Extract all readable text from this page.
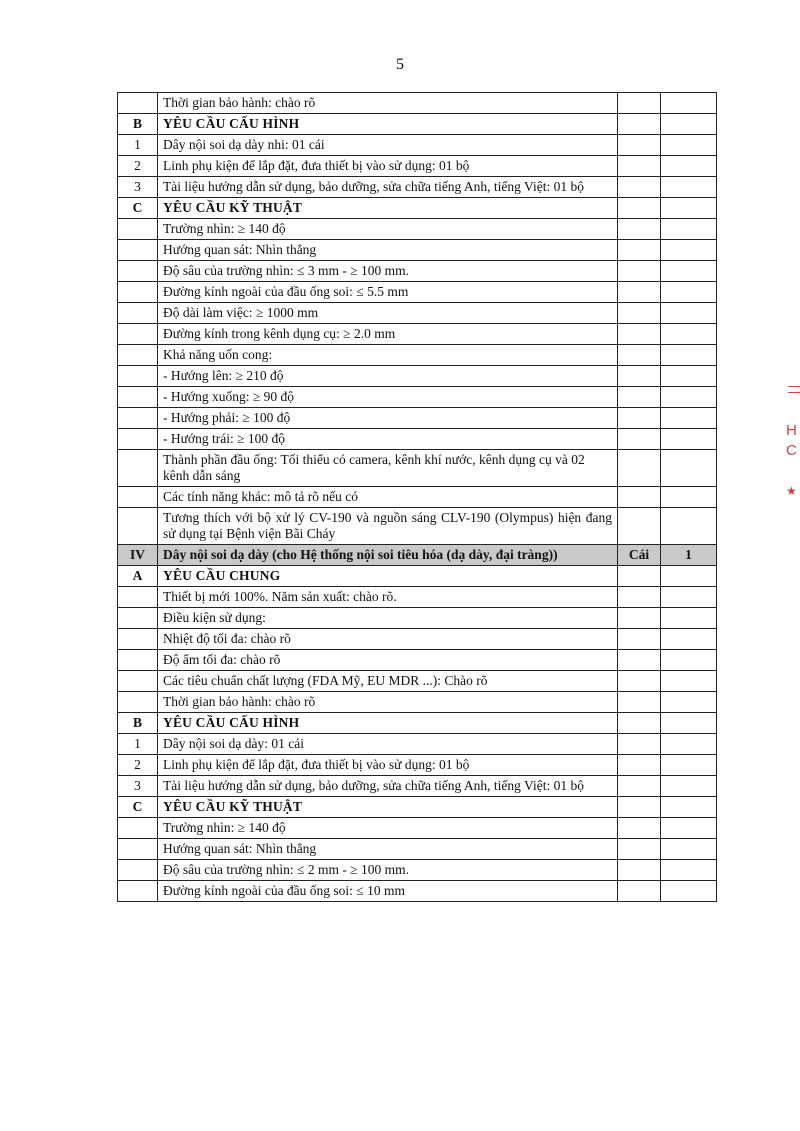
5
	Thời gian bảo hành: chào rõ		
B	YÊU CẦU CẤU HÌNH		
1	Dây nội soi dạ dày nhi: 01 cái		
2	Linh phụ kiện để lắp đặt, đưa thiết bị vào sử dụng: 01 bộ		
3	Tài liệu hướng dẫn sử dụng, bảo dưỡng, sửa chữa tiếng Anh, tiếng Việt: 01 bộ		
C	YÊU CẦU KỸ THUẬT		
	Trường nhìn: ≥ 140 độ		
	Hướng quan sát: Nhìn thẳng		
	Độ sâu của trường nhìn: ≤ 3 mm - ≥ 100 mm.		
	Đường kính ngoài của đầu ống soi: ≤ 5.5 mm		
	Độ dài làm việc: ≥ 1000 mm		
	Đường kính trong kênh dụng cụ: ≥ 2.0 mm		
	Khả năng uốn cong:		
	- Hướng lên: ≥ 210 độ		
	- Hướng xuống: ≥ 90 độ		
	- Hướng phải: ≥ 100 độ		
	- Hướng trái: ≥ 100 độ		
	Thành phần đầu ống: Tối thiểu có camera, kênh khí nước, kênh dụng cụ và 02 kênh dẫn sáng		
	Các tính năng khác: mô tả rõ nếu có		
	Tương thích với bộ xử lý CV-190 và nguồn sáng CLV-190 (Olympus) hiện đang sử dụng tại Bệnh viện Bãi Cháy		
IV	Dây nội soi dạ dày (cho Hệ thống nội soi tiêu hóa (dạ dày, đại tràng))	Cái	1
A	YÊU CẦU CHUNG		
	Thiết bị mới 100%. Năm sản xuất: chào rõ.		
	Điều kiện sử dụng:		
	Nhiệt độ tối đa: chào rõ		
	Độ ẩm tối đa: chào rõ		
	Các tiêu chuẩn chất lượng (FDA Mỹ, EU MDR ...): Chào rõ		
	Thời gian bảo hành: chào rõ		
B	YÊU CẦU CẤU HÌNH		
1	Dây nội soi dạ dày: 01 cái		
2	Linh phụ kiện để lắp đặt, đưa thiết bị vào sử dụng: 01 bộ		
3	Tài liệu hướng dẫn sử dụng, bảo dưỡng, sửa chữa tiếng Anh, tiếng Việt: 01 bộ		
C	YÊU CẦU KỸ THUẬT		
	Trường nhìn: ≥ 140 độ		
	Hướng quan sát: Nhìn thẳng		
	Độ sâu của trường nhìn: ≤ 2 mm - ≥ 100 mm.		
	Đường kính ngoài của đầu ống soi: ≤ 10 mm		
H
C
★
